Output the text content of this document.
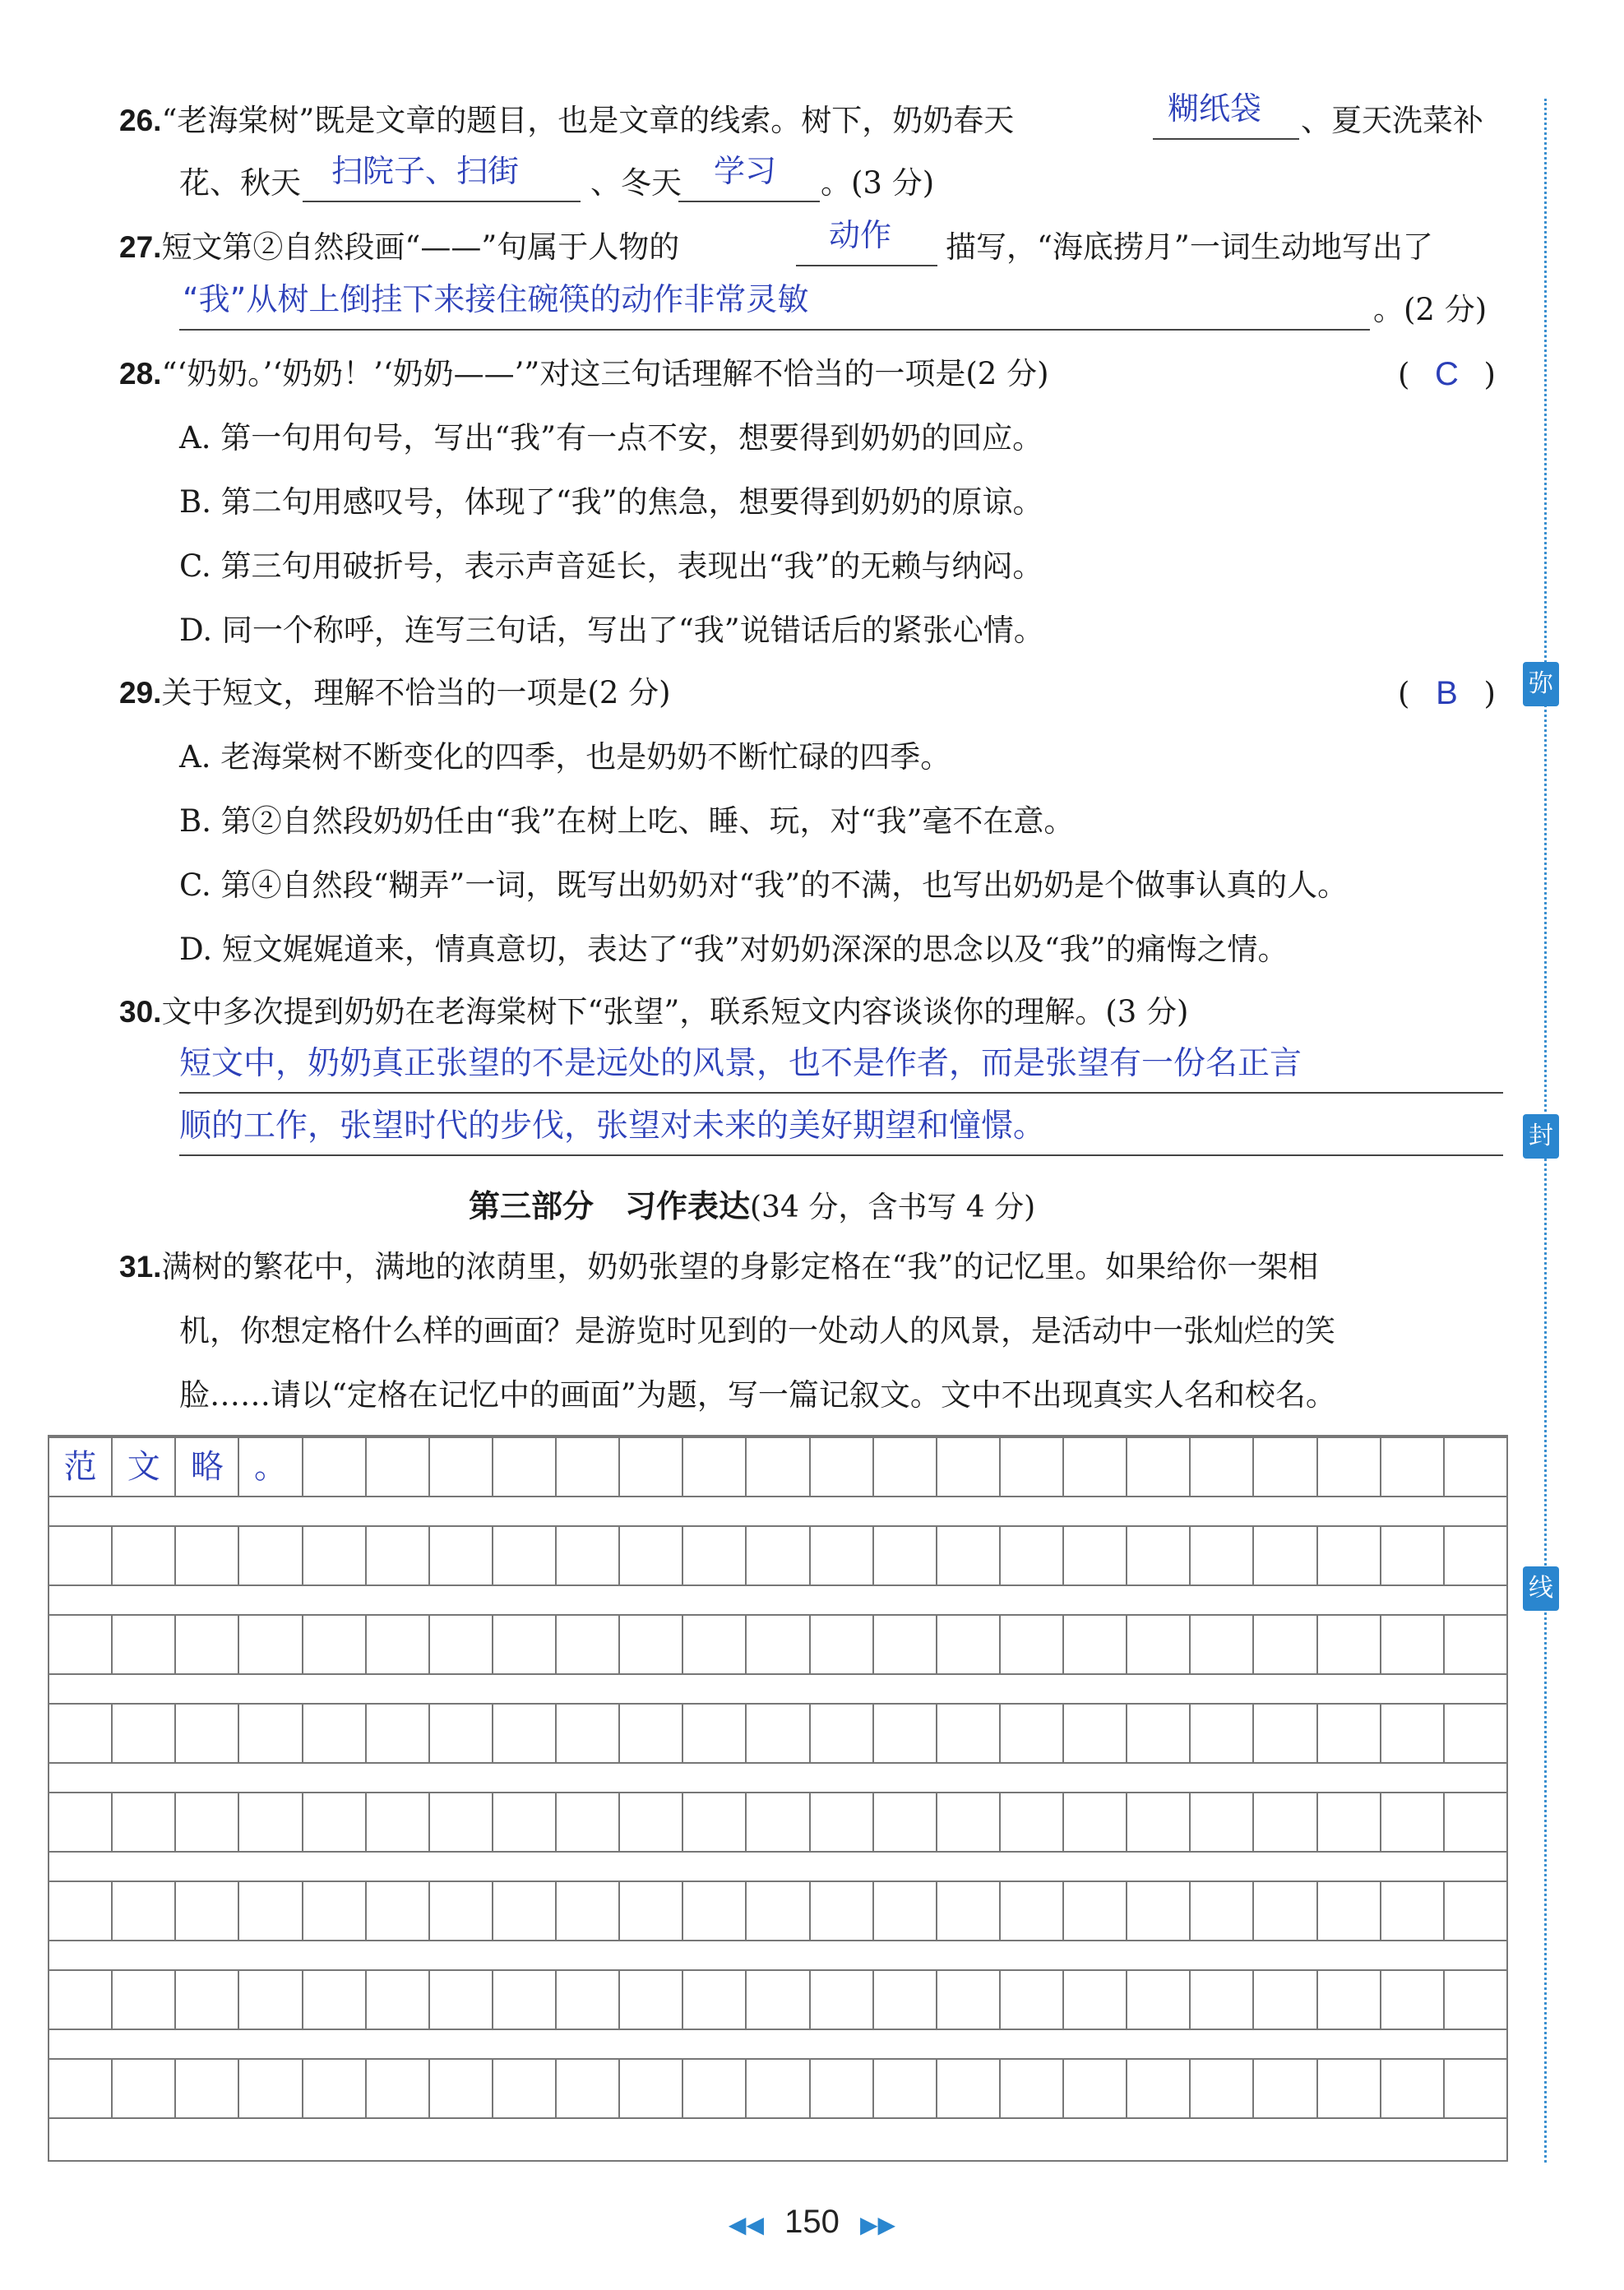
弥
封
线
26.“老海棠树”既是文章的题目，也是文章的线索。树下，奶奶春天	糊纸袋 、夏天洗菜补
花、秋天 扫院子、扫街 、冬天 学习 。(3 分)
27.短文第②自然段画“——”句属于人物的	动作 描写，“海底捞月”一词生动地写出了
“我”从树上倒挂下来接住碗筷的动作非常灵敏	。(2 分)
28.“‘奶奶。’‘奶奶！’‘奶奶——’”对这三句话理解不恰当的一项是(2 分)	( C )
A. 第一句用句号，写出“我”有一点不安，想要得到奶奶的回应。
B. 第二句用感叹号，体现了“我”的焦急，想要得到奶奶的原谅。
C. 第三句用破折号，表示声音延长，表现出“我”的无赖与纳闷。
D. 同一个称呼，连写三句话，写出了“我”说错话后的紧张心情。
29.关于短文，理解不恰当的一项是(2 分)	( B )
A. 老海棠树不断变化的四季，也是奶奶不断忙碌的四季。
B. 第②自然段奶奶任由“我”在树上吃、睡、玩，对“我”毫不在意。
C. 第④自然段“糊弄”一词，既写出奶奶对“我”的不满，也写出奶奶是个做事认真的人。
D. 短文娓娓道来，情真意切，表达了“我”对奶奶深深的思念以及“我”的痛悔之情。
30.文中多次提到奶奶在老海棠树下“张望”，联系短文内容谈谈你的理解。(3 分)
短文中，奶奶真正张望的不是远处的风景，也不是作者，而是张望有一份名正言
顺的工作，张望时代的步伐，张望对未来的美好期望和憧憬。
第三部分　习作表达(34 分，含书写 4 分)
31.满树的繁花中，满地的浓荫里，奶奶张望的身影定格在“我”的记忆里。如果给你一架相
机，你想定格什么样的画面？是游览时见到的一处动人的风景，是活动中一张灿烂的笑
脸……请以“定格在记忆中的画面”为题，写一篇记叙文。文中不出现真实人名和校名。
范 文 略 。
◀◀ 150 ▶▶
